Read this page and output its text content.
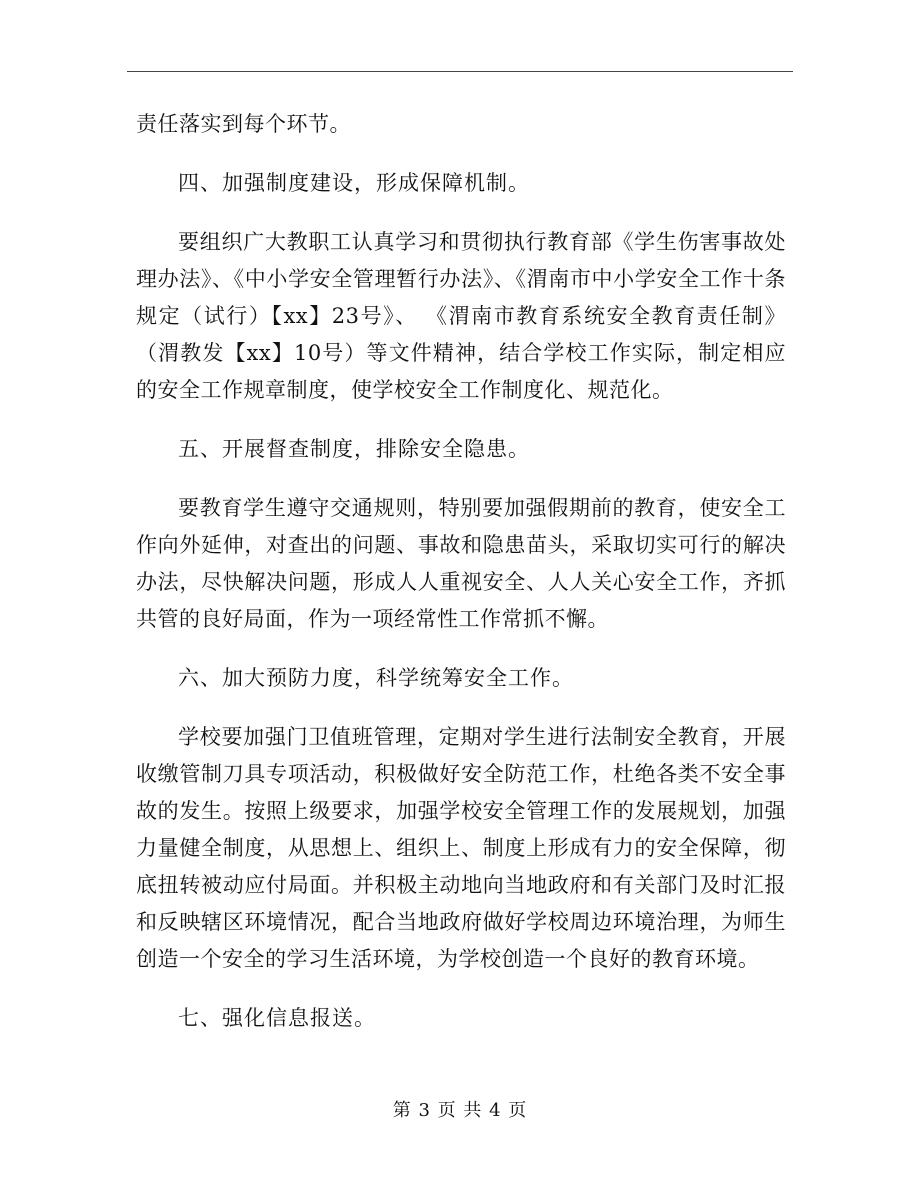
责任落实到每个环节。

四、加强制度建设，形成保障机制。

要组织广大教职工认真学习和贯彻执行教育部《学生伤害事故处理办法》、《中小学安全管理暂行办法》、《渭南市中小学安全工作十条规定（试行）【xx】23号》、 《渭南市教育系统安全教育责任制》（渭教发【xx】10号）等文件精神，结合学校工作实际，制定相应的安全工作规章制度，使学校安全工作制度化、规范化。

五、开展督查制度，排除安全隐患。

要教育学生遵守交通规则，特别要加强假期前的教育，使安全工作向外延伸，对查出的问题、事故和隐患苗头，采取切实可行的解决办法，尽快解决问题，形成人人重视安全、人人关心安全工作，齐抓共管的良好局面，作为一项经常性工作常抓不懈。

六、加大预防力度，科学统筹安全工作。

学校要加强门卫值班管理，定期对学生进行法制安全教育，开展收缴管制刀具专项活动，积极做好安全防范工作，杜绝各类不安全事故的发生。按照上级要求，加强学校安全管理工作的发展规划，加强力量健全制度，从思想上、组织上、制度上形成有力的安全保障，彻底扭转被动应付局面。并积极主动地向当地政府和有关部门及时汇报和反映辖区环境情况，配合当地政府做好学校周边环境治理，为师生创造一个安全的学习生活环境，为学校创造一个良好的教育环境。

七、强化信息报送。

第 3 页 共 4 页
